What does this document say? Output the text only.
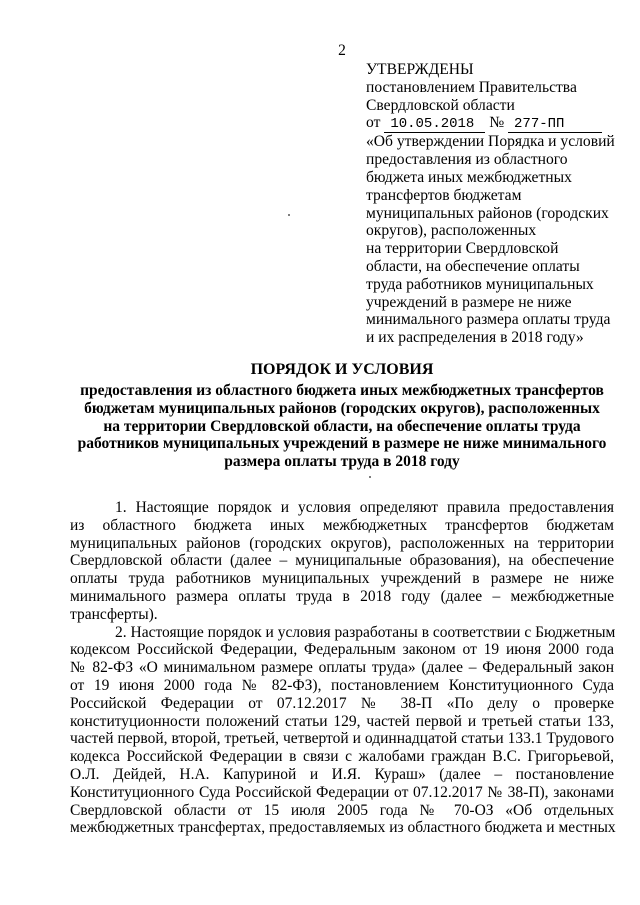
2
УТВЕРЖДЕНЫ
постановлением Правительства
Свердловской области
от 10.05.2018 № 277-ПП
«Об утверждении Порядка и условий
предоставления из областного
бюджета иных межбюджетных
трансфертов бюджетам
муниципальных районов (городских
округов), расположенных
на территории Свердловской
области, на обеспечение оплаты
труда работников муниципальных
учреждений в размере не ниже
минимального размера оплаты труда
и их распределения в 2018 году»
ПОРЯДОК И УСЛОВИЯ
предоставления из областного бюджета иных межбюджетных трансфертов
бюджетам муниципальных районов (городских округов), расположенных
на территории Свердловской области, на обеспечение оплаты труда
работников муниципальных учреждений в размере не ниже минимального
размера оплаты труда в 2018 году
1. Настоящие порядок и условия определяют правила предоставления
из областного бюджета иных межбюджетных трансфертов бюджетам
муниципальных районов (городских округов), расположенных на территории
Свердловской области (далее – муниципальные образования), на обеспечение
оплаты труда работников муниципальных учреждений в размере не ниже
минимального размера оплаты труда в 2018 году (далее – межбюджетные
трансферты).
2. Настоящие порядок и условия разработаны в соответствии с Бюджетным
кодексом Российской Федерации, Федеральным законом от 19 июня 2000 года
№ 82-ФЗ «О минимальном размере оплаты труда» (далее – Федеральный закон
от 19 июня 2000 года № 82-ФЗ), постановлением Конституционного Суда
Российской Федерации от 07.12.2017 № 38-П «По делу о проверке
конституционности положений статьи 129, частей первой и третьей статьи 133,
частей первой, второй, третьей, четвертой и одиннадцатой статьи 133.1 Трудового
кодекса Российской Федерации в связи с жалобами граждан В.С. Григорьевой,
О.Л. Дейдей, Н.А. Капуриной и И.Я. Кураш» (далее – постановление
Конституционного Суда Российской Федерации от 07.12.2017 № 38-П), законами
Свердловской области от 15 июля 2005 года № 70-ОЗ «Об отдельных
межбюджетных трансфертах, предоставляемых из областного бюджета и местных
